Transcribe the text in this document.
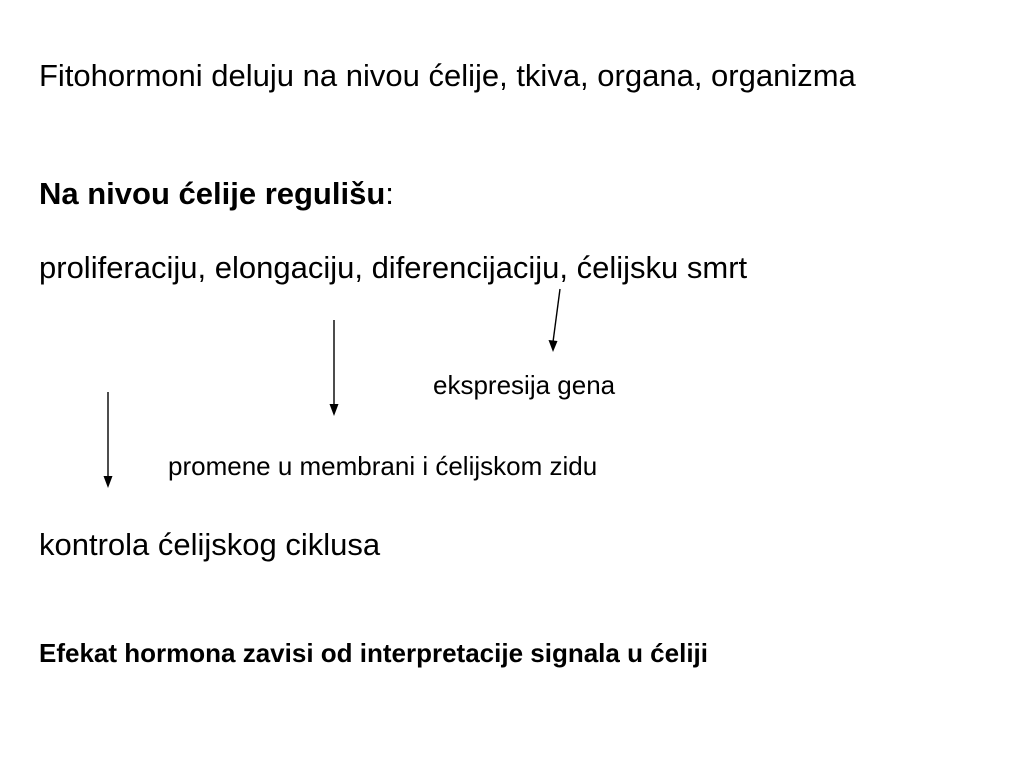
Fitohormoni deluju na nivou ćelije, tkiva, organa, organizma
Na nivou ćelije regulišu:
proliferaciju, elongaciju, diferencijaciju, ćelijsku smrt
ekspresija gena
promene u membrani i ćelijskom zidu
kontrola ćelijskog ciklusa
Efekat hormona zavisi od interpretacije signala u ćeliji
